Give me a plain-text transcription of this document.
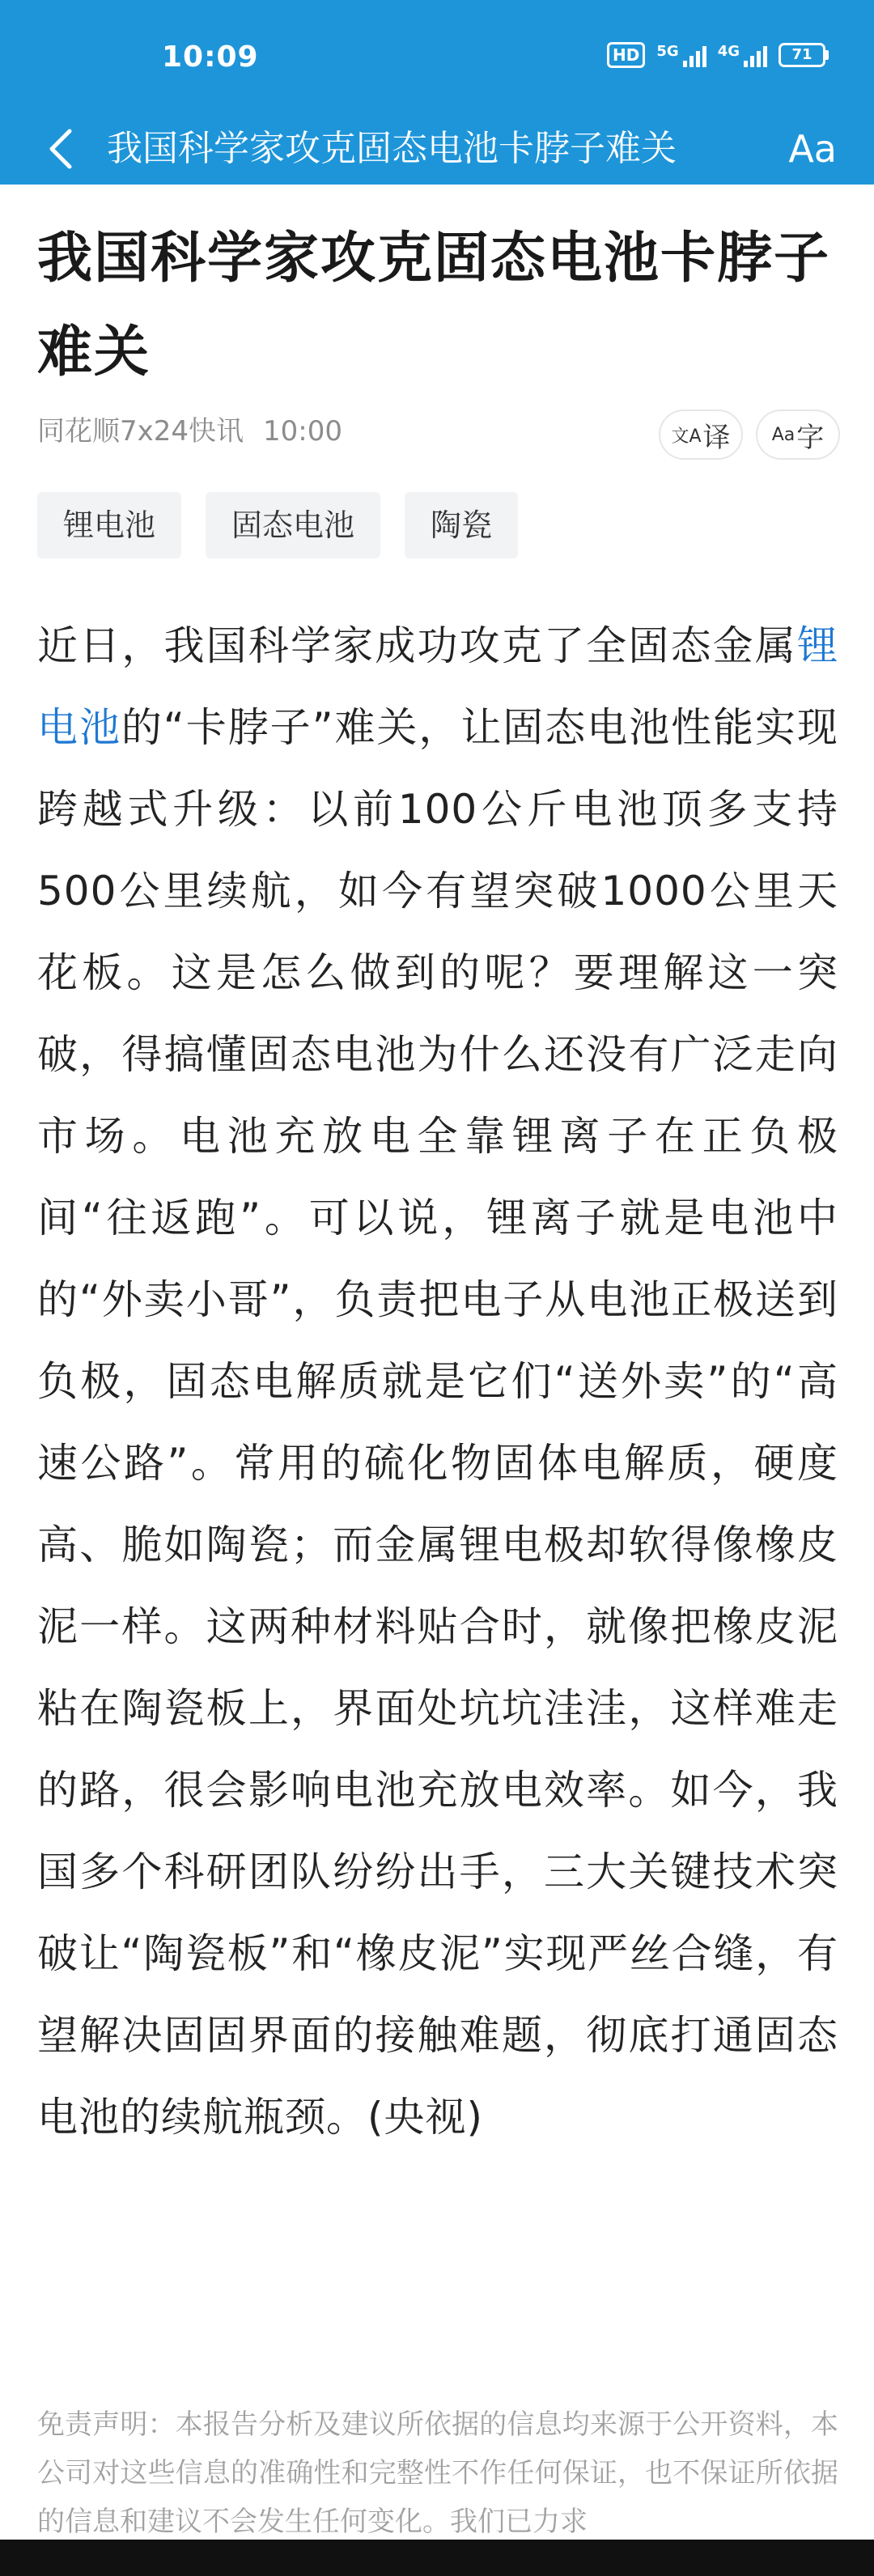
10:09	HD	5G	4G	71
我国科学家攻克固态电池卡脖子难关	Aa
我国科学家攻克固态电池卡脖子难关
同花顺7x24快讯 10:00	文A 译 Aa 字
锂电池	固态电池	陶瓷
近日，我国科学家成功攻克了全固态金属锂电池的“卡脖子”难关，让固态电池性能实现跨越式升级：以前100公斤电池顶多支持500公里续航，如今有望突破1000公里天花板。这是怎么做到的呢？要理解这一突破，得搞懂固态电池为什么还没有广泛走向市场。电池充放电全靠锂离子在正负极间“往返跑”。可以说，锂离子就是电池中的“外卖小哥”，负责把电子从电池正极送到负极，固态电解质就是它们“送外卖”的“高速公路”。常用的硫化物固体电解质，硬度高、脆如陶瓷；而金属锂电极却软得像橡皮泥一样。这两种材料贴合时，就像把橡皮泥粘在陶瓷板上，界面处坑坑洼洼，这样难走的路，很会影响电池充放电效率。如今，我国多个科研团队纷纷出手，三大关键技术突破让“陶瓷板”和“橡皮泥”实现严丝合缝，有望解决固固界面的接触难题，彻底打通固态电池的续航瓶颈。(央视)
免责声明：本报告分析及建议所依据的信息均来源于公开资料，本公司对这些信息的准确性和完整性不作任何保证，也不保证所依据的信息和建议不会发生任何变化。我们已力求
